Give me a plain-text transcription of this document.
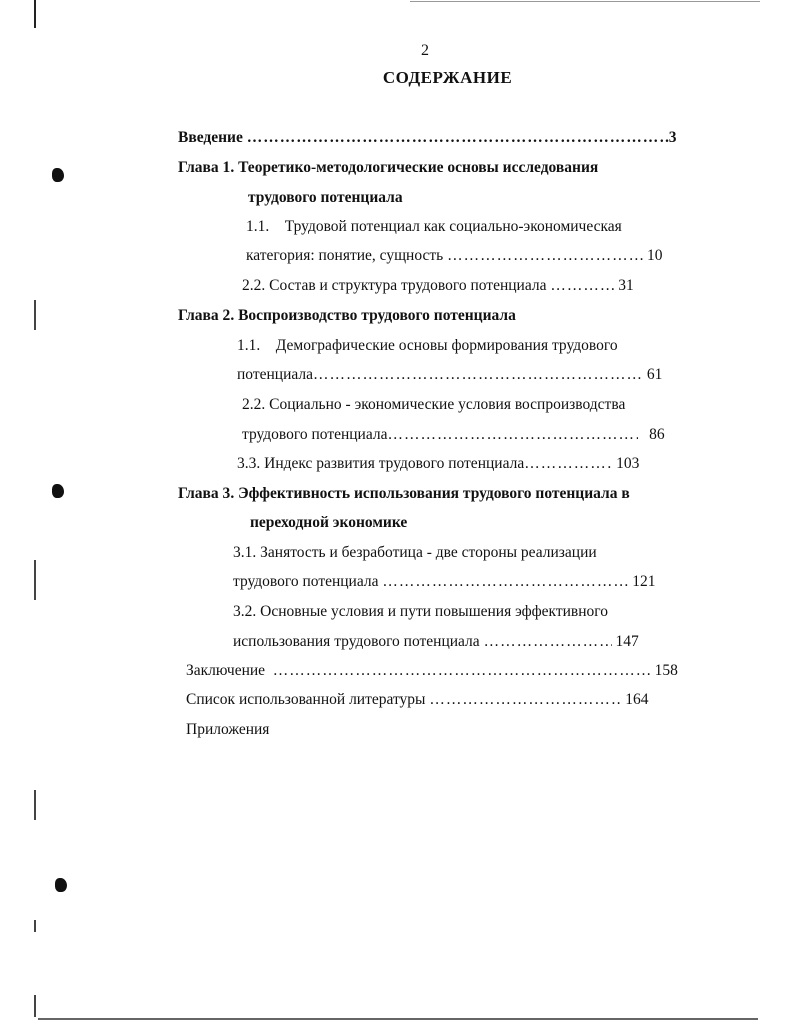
2
СОДЕРЖАНИЕ
Введение ……………………………………………………………………………………………………………………………………	3
Глава 1. Теоретико-методологические основы исследования
трудового потенциала
1.1. Трудовой потенциал как социально-экономическая
категория: понятие, сущность ……………………………………………………………………………………………………………………………………	10
2.2. Состав и структура трудового потенциала ……………………………………………………………………………………………………………………………………	31
Глава 2. Воспроизводство трудового потенциала
1.1. Демографические основы формирования трудового
потенциала ……………………………………………………………………………………………………………………………………	61
2.2. Социально - экономические условия воспроизводства
трудового потенциала ……………………………………………………………………………………………………………………………………	86
3.3. Индекс развития трудового потенциала ……………………………………………………………………………………………………………………………………	103
Глава 3. Эффективность использования трудового потенциала в
переходной экономике
3.1. Занятость и безработица - две стороны реализации
трудового потенциала ……………………………………………………………………………………………………………………………………	121
3.2. Основные условия и пути повышения эффективного
использования трудового потенциала ……………………………………………………………………………………………………………………………………	147
Заключение ……………………………………………………………………………………………………………………………………	158
Список использованной литературы ……………………………………………………………………………………………………………………………………	164
Приложения
